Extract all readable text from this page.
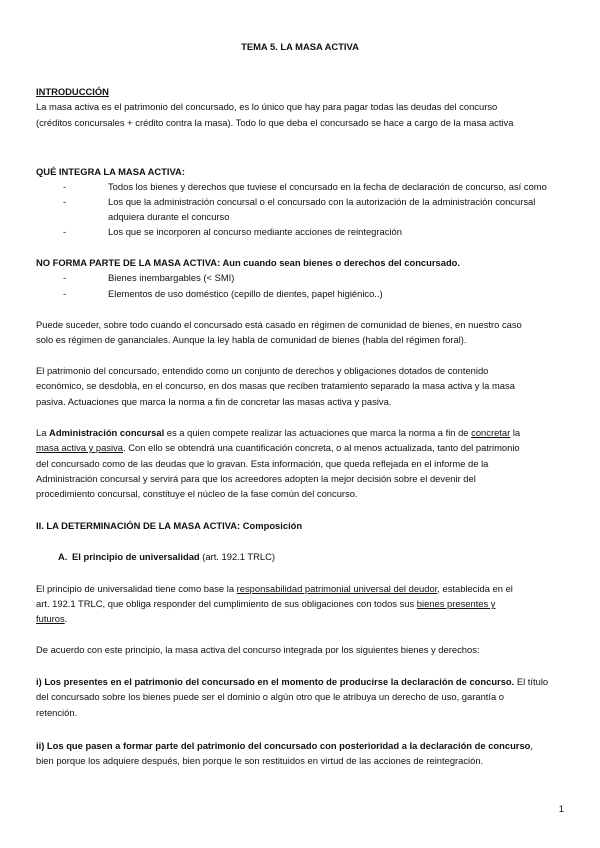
TEMA 5. LA MASA ACTIVA
INTRODUCCIÓN
La masa activa es el patrimonio del concursado, es lo único que hay para pagar todas las deudas del concurso
(créditos concursales + crédito contra la masa). Todo lo que deba el concursado se hace a cargo de la masa activa
QUÉ INTEGRA LA MASA ACTIVA:
-	Todos los bienes y derechos que tuviese el concursado en la fecha de declaración de concurso, así como
-	Los que la administración concursal o el concursado con la autorización de la administración concursal
adquiera durante el concurso
-	Los que se incorporen al concurso mediante acciones de reintegración
NO FORMA PARTE DE LA MASA ACTIVA: Aun cuando sean bienes o derechos del concursado.
-	Bienes inembargables (< SMI)
-	Elementos de uso doméstico (cepillo de dientes, papel higiénico..)
Puede suceder, sobre todo cuando el concursado está casado en régimen de comunidad de bienes, en nuestro caso
solo es régimen de gananciales. Aunque la ley habla de comunidad de bienes (habla del régimen foral).
El patrimonio del concursado, entendido como un conjunto de derechos y obligaciones dotados de contenido
económico, se desdobla, en el concurso, en dos masas que reciben tratamiento separado la masa activa y la masa
pasiva. Actuaciones que marca la norma a fin de concretar las masas activa y pasiva.
La Administración concursal es a quien compete realizar las actuaciones que marca la norma a fin de concretar la
masa activa y pasiva. Con ello se obtendrá una cuantificación concreta, o al menos actualizada, tanto del patrimonio
del concursado como de las deudas que lo gravan. Esta información, que queda reflejada en el informe de la
Administración concursal y servirá para que los acreedores adopten la mejor decisión sobre el devenir del
procedimiento concursal, constituye el núcleo de la fase común del concurso.
II. LA DETERMINACIÓN DE LA MASA ACTIVA: Composición
A. El principio de universalidad (art. 192.1 TRLC)
El principio de universalidad tiene como base la responsabilidad patrimonial universal del deudor, establecida en el
art. 192.1 TRLC, que obliga responder del cumplimiento de sus obligaciones con todos sus bienes presentes y
futuros.
De acuerdo con este principio, la masa activa del concurso integrada por los siguientes bienes y derechos:
i) Los presentes en el patrimonio del concursado en el momento de producirse la declaración de concurso. El título
del concursado sobre los bienes puede ser el dominio o algún otro que le atribuya un derecho de uso, garantía o
retención.
ii) Los que pasen a formar parte del patrimonio del concursado con posterioridad a la declaración de concurso,
bien porque los adquiere después, bien porque le son restituidos en virtud de las acciones de reintegración.
1
